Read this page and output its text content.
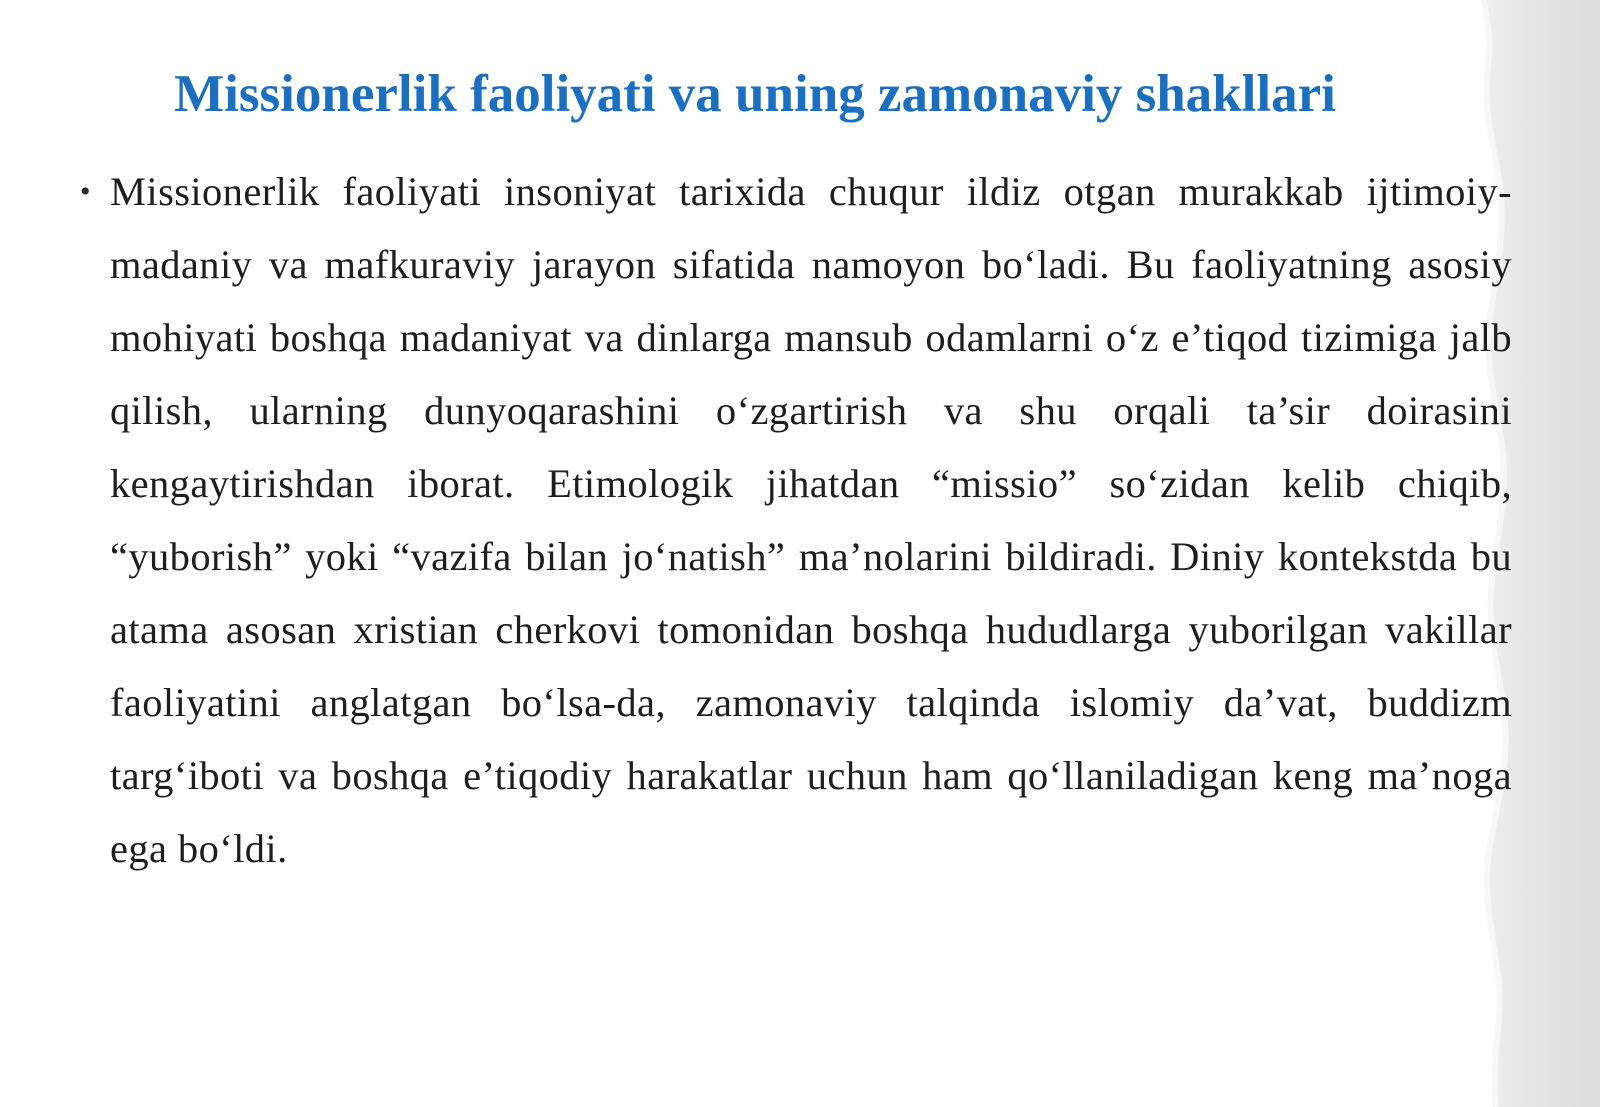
Missionerlik faoliyati va uning zamonaviy shakllari
• Missionerlik faoliyati insoniyat tarixida chuqur ildiz otgan murakkab ijtimoiy-madaniy va mafkuraviy jarayon sifatida namoyon bo‘ladi. Bu faoliyatning asosiy mohiyati boshqa madaniyat va dinlarga mansub odamlarni o‘z e’tiqod tizimiga jalb qilish, ularning dunyoqarashini o‘zgartirish va shu orqali ta’sir doirasini kengaytirishdan iborat. Etimologik jihatdan “missio” so‘zidan kelib chiqib, “yuborish” yoki “vazifa bilan jo‘natish” ma’nolarini bildiradi. Diniy kontekstda bu atama asosan xristian cherkovi tomonidan boshqa hududlarga yuborilgan vakillar faoliyatini anglatgan bo‘lsa-da, zamonaviy talqinda islomiy da’vat, buddizm targ‘iboti va boshqa e’tiqodiy harakatlar uchun ham qo‘llaniladigan keng ma’noga ega bo‘ldi.
